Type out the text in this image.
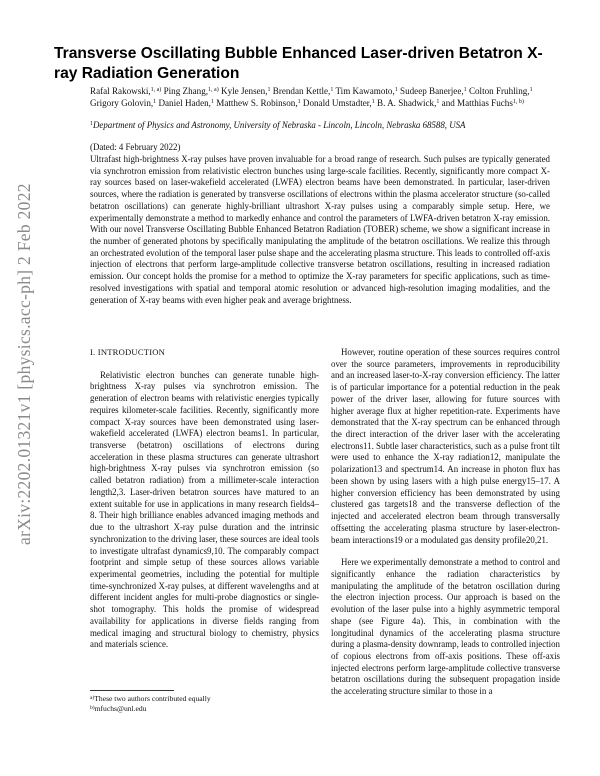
arXiv:2202.01321v1 [physics.acc-ph] 2 Feb 2022
Transverse Oscillating Bubble Enhanced Laser-driven Betatron X-ray Radiation Generation
Rafal Rakowski,$^{1, a)}$ Ping Zhang,$^{1, a)}$ Kyle Jensen,$^1$ Brendan Kettle,$^1$ Tim Kawamoto,$^1$ Sudeep Banerjee,$^1$ Colton Fruhling,$^1$ Grigory Golovin,$^1$ Daniel Haden,$^1$ Matthew S. Robinson,$^1$ Donald Umstadter,$^1$ B. A. Shadwick,$^1$ and Matthias Fuchs$^{1, b)}$
$^1$Department of Physics and Astronomy, University of Nebraska - Lincoln, Lincoln, Nebraska 68588, USA
(Dated: 4 February 2022)
Ultrafast high-brightness X-ray pulses have proven invaluable for a broad range of research. Such pulses are typically generated via synchrotron emission from relativistic electron bunches using large-scale facilities. Recently, significantly more compact X-ray sources based on laser-wakefield accelerated (LWFA) electron beams have been demonstrated. In particular, laser-driven sources, where the radiation is generated by transverse oscillations of electrons within the plasma accelerator structure (so-called betatron oscillations) can generate highly-brilliant ultrashort X-ray pulses using a comparably simple setup. Here, we experimentally demonstrate a method to markedly enhance and control the parameters of LWFA-driven betatron X-ray emission. With our novel Transverse Oscillating Bubble Enhanced Betatron Radiation (TOBER) scheme, we show a significant increase in the number of generated photons by specifically manipulating the amplitude of the betatron oscillations. We realize this through an orchestrated evolution of the temporal laser pulse shape and the accelerating plasma structure. This leads to controlled off-axis injection of electrons that perform large-amplitude collective transverse betatron oscillations, resulting in increased radiation emission. Our concept holds the promise for a method to optimize the X-ray parameters for specific applications, such as time-resolved investigations with spatial and temporal atomic resolution or advanced high-resolution imaging modalities, and the generation of X-ray beams with even higher peak and average brightness.
I. INTRODUCTION

Relativistic electron bunches can generate tunable high-brightness X-ray pulses via synchrotron emission. The generation of electron beams with relativistic energies typically requires kilometer-scale facilities. Recently, significantly more compact X-ray sources have been demonstrated using laser-wakefield accelerated (LWFA) electron beams1. In particular, transverse (betatron) oscillations of electrons during acceleration in these plasma structures can generate ultrashort high-brightness X-ray pulses via synchrotron emission (so called betatron radiation) from a millimeter-scale interaction length2,3. Laser-driven betatron sources have matured to an extent suitable for use in applications in many research fields4–8. Their high brilliance enables advanced imaging methods and due to the ultrashort X-ray pulse duration and the intrinsic synchronization to the driving laser, these sources are ideal tools to investigate ultrafast dynamics9,10. The comparably compact footprint and simple setup of these sources allows variable experimental geometries, including the potential for multiple time-synchronized X-ray pulses, at different wavelengths and at different incident angles for multi-probe diagnostics or single-shot tomography. This holds the promise of widespread availability for applications in diverse fields ranging from medical imaging and structural biology to chemistry, physics and materials science.

However, routine operation of these sources requires control over the source parameters, improvements in reproducibility and an increased laser-to-X-ray conversion efficiency. The latter is of particular importance for a potential reduction in the peak power of the driver laser, allowing for future sources with higher average flux at higher repetition-rate. Experiments have demonstrated that the X-ray spectrum can be enhanced through the direct interaction of the driver laser with the accelerating electrons11. Subtle laser characteristics, such as a pulse front tilt were used to enhance the X-ray radiation12, manipulate the polarization13 and spectrum14. An increase in photon flux has been shown by using lasers with a high pulse energy15–17. A higher conversion efficiency has been demonstrated by using clustered gas targets18 and the transverse deflection of the injected and accelerated electron beam through transversally offsetting the accelerating plasma structure by laser-electron-beam interactions19 or a modulated gas density profile20,21.

Here we experimentally demonstrate a method to control and significantly enhance the radiation characteristics by manipulating the amplitude of the betatron oscillation during the electron injection process. Our approach is based on the evolution of the laser pulse into a highly asymmetric temporal shape (see Figure 4a). This, in combination with the longitudinal dynamics of the accelerating plasma structure during a plasma-density downramp, leads to controlled injection of copious electrons from off-axis positions. These off-axis injected electrons perform large-amplitude collective transverse betatron oscillations during the subsequent propagation inside the accelerating structure similar to those in a

$^{a)}$These two authors contributed equally
$^{b)}$mfuchs@unl.edu
